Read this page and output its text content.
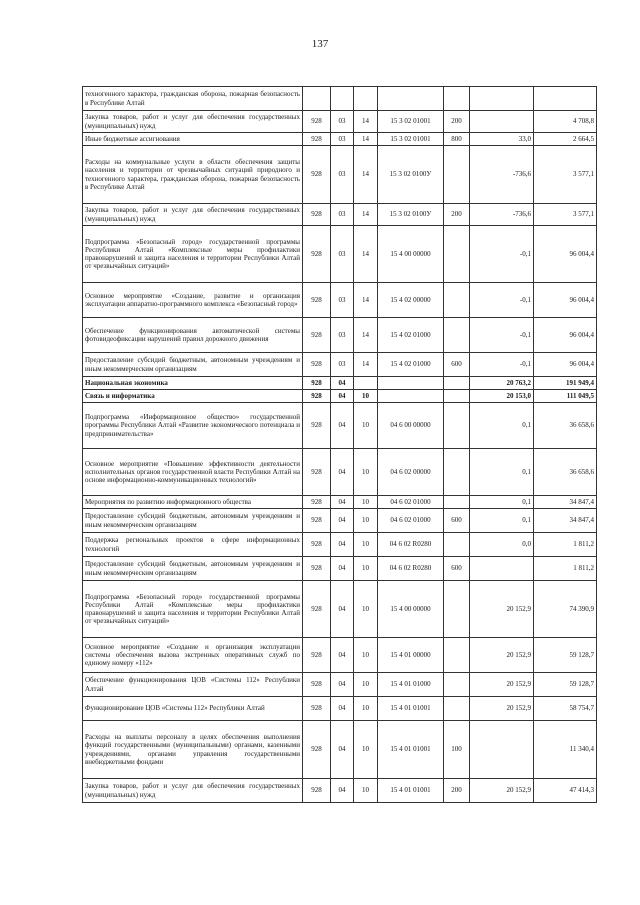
137
техногенного характера, гражданская оборона, пожарная безопасность в Республике Алтай							
Закупка товаров, работ и услуг для обеспечения государственных (муниципальных) нужд	928	03	14	15 3 02 01001	200		4 708,8
Иные бюджетные ассигнования	928	03	14	15 3 02 01001	800	33,0	2 664,5
Расходы на коммунальные услуги в области обеспечения защиты населения и территории от чрезвычайных ситуаций природного и техногенного характера, гражданская оборона, пожарная безопасность в Республике Алтай	928	03	14	15 3 02 0100У		-736,6	3 577,1
Закупка товаров, работ и услуг для обеспечения государственных (муниципальных) нужд	928	03	14	15 3 02 0100У	200	-736,6	3 577,1
Подпрограмма «Безопасный город» государственной программы Республики Алтай «Комплексные меры профилактики правонарушений и защита населения и территории Республики Алтай от чрезвычайных ситуаций»	928	03	14	15 4 00 00000		-0,1	96 004,4
Основное мероприятие «Создание, развитие и организация эксплуатации аппаратно-программного комплекса «Безопасный город»	928	03	14	15 4 02 00000		-0,1	96 004,4
Обеспечение функционирования автоматической системы фотовидеофиксации нарушений правил дорожного движения	928	03	14	15 4 02 01000		-0,1	96 004,4
Предоставление субсидий бюджетным, автономным учреждениям и иным некоммерческим организациям	928	03	14	15 4 02 01000	600	-0,1	96 004,4
Национальная экономика	928	04				20 763,2	191 949,4
Связь и информатика	928	04	10			20 153,0	111 049,5
Подпрограмма «Информационное общество» государственной программы Республики Алтай «Развитие экономического потенциала и предпринимательства»	928	04	10	04 6 00 00000		0,1	36 658,6
Основное мероприятие «Повышение эффективности деятельности исполнительных органов государственной власти Республики Алтай на основе информационно-коммуникационных технологий»	928	04	10	04 6 02 00000		0,1	36 658,6
Мероприятия по развитию информационного общества	928	04	10	04 6 02 01000		0,1	34 847,4
Предоставление субсидий бюджетным, автономным учреждениям и иным некоммерческим организациям	928	04	10	04 6 02 01000	600	0,1	34 847,4
Поддержка региональных проектов в сфере информационных технологий	928	04	10	04 6 02 R0280		0,0	1 811,2
Предоставление субсидий бюджетным, автономным учреждениям и иным некоммерческим организациям	928	04	10	04 6 02 R0280	600		1 811,2
Подпрограмма «Безопасный город» государственной программы Республики Алтай «Комплексные меры профилактики правонарушений и защита населения и территории Республики Алтай от чрезвычайных ситуаций»	928	04	10	15 4 00 00000		20 152,9	74 390,9
Основное мероприятие «Создание и организация эксплуатации системы обеспечения вызова экстренных оперативных служб по единому номеру «112»	928	04	10	15 4 01 00000		20 152,9	59 128,7
Обеспечение функционирования ЦОВ «Системы 112» Республики Алтай	928	04	10	15 4 01 01000		20 152,9	59 128,7
Функционирование ЦОВ «Системы 112» Республики Алтай	928	04	10	15 4 01 01001		20 152,9	58 754,7
Расходы на выплаты персоналу в целях обеспечения выполнения функций государственными (муниципальными) органами, казенными учреждениями, органами управления государственными внебюджетными фондами	928	04	10	15 4 01 01001	100		11 340,4
Закупка товаров, работ и услуг для обеспечения государственных (муниципальных) нужд	928	04	10	15 4 01 01001	200	20 152,9	47 414,3
